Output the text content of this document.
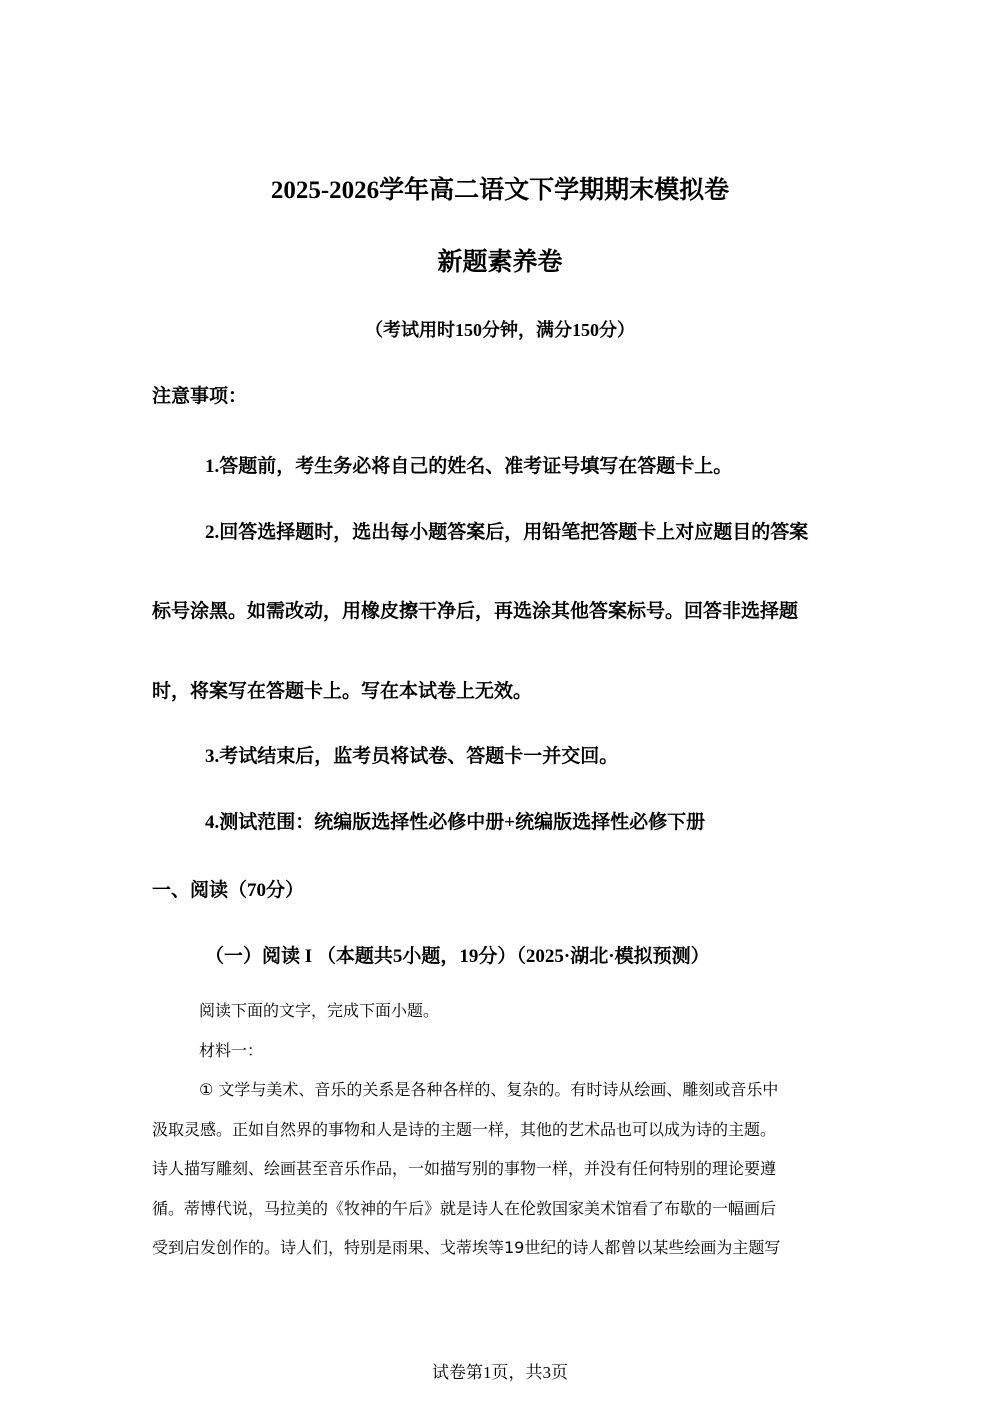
2025-2026学年高二语文下学期期末模拟卷
新题素养卷

（考试用时150分钟，满分150分）

注意事项：

1.答题前，考生务必将自己的姓名、准考证号填写在答题卡上。

2.回答选择题时，选出每小题答案后，用铅笔把答题卡上对应题目的答案

标号涂黑。如需改动，用橡皮擦干净后，再选涂其他答案标号。回答非选择题

时，将案写在答题卡上。写在本试卷上无效。

3.考试结束后，监考员将试卷、答题卡一并交回。

4.测试范围：统编版选择性必修中册+统编版选择性必修下册

一、阅读（70分）

（一）阅读 I （本题共5小题，19分）（2025·湖北·模拟预测）

阅读下面的文字，完成下面小题。

材料一：

① 文学与美术、音乐的关系是各种各样的、复杂的。有时诗从绘画、雕刻或音乐中

汲取灵感。正如自然界的事物和人是诗的主题一样，其他的艺术品也可以成为诗的主题。

诗人描写雕刻、绘画甚至音乐作品，一如描写别的事物一样，并没有任何特别的理论要遵

循。蒂博代说，马拉美的《牧神的午后》就是诗人在伦敦国家美术馆看了布歇的一幅画后

受到启发创作的。诗人们，特别是雨果、戈蒂埃等19世纪的诗人都曾以某些绘画为主题写

试卷第1页，共3页
